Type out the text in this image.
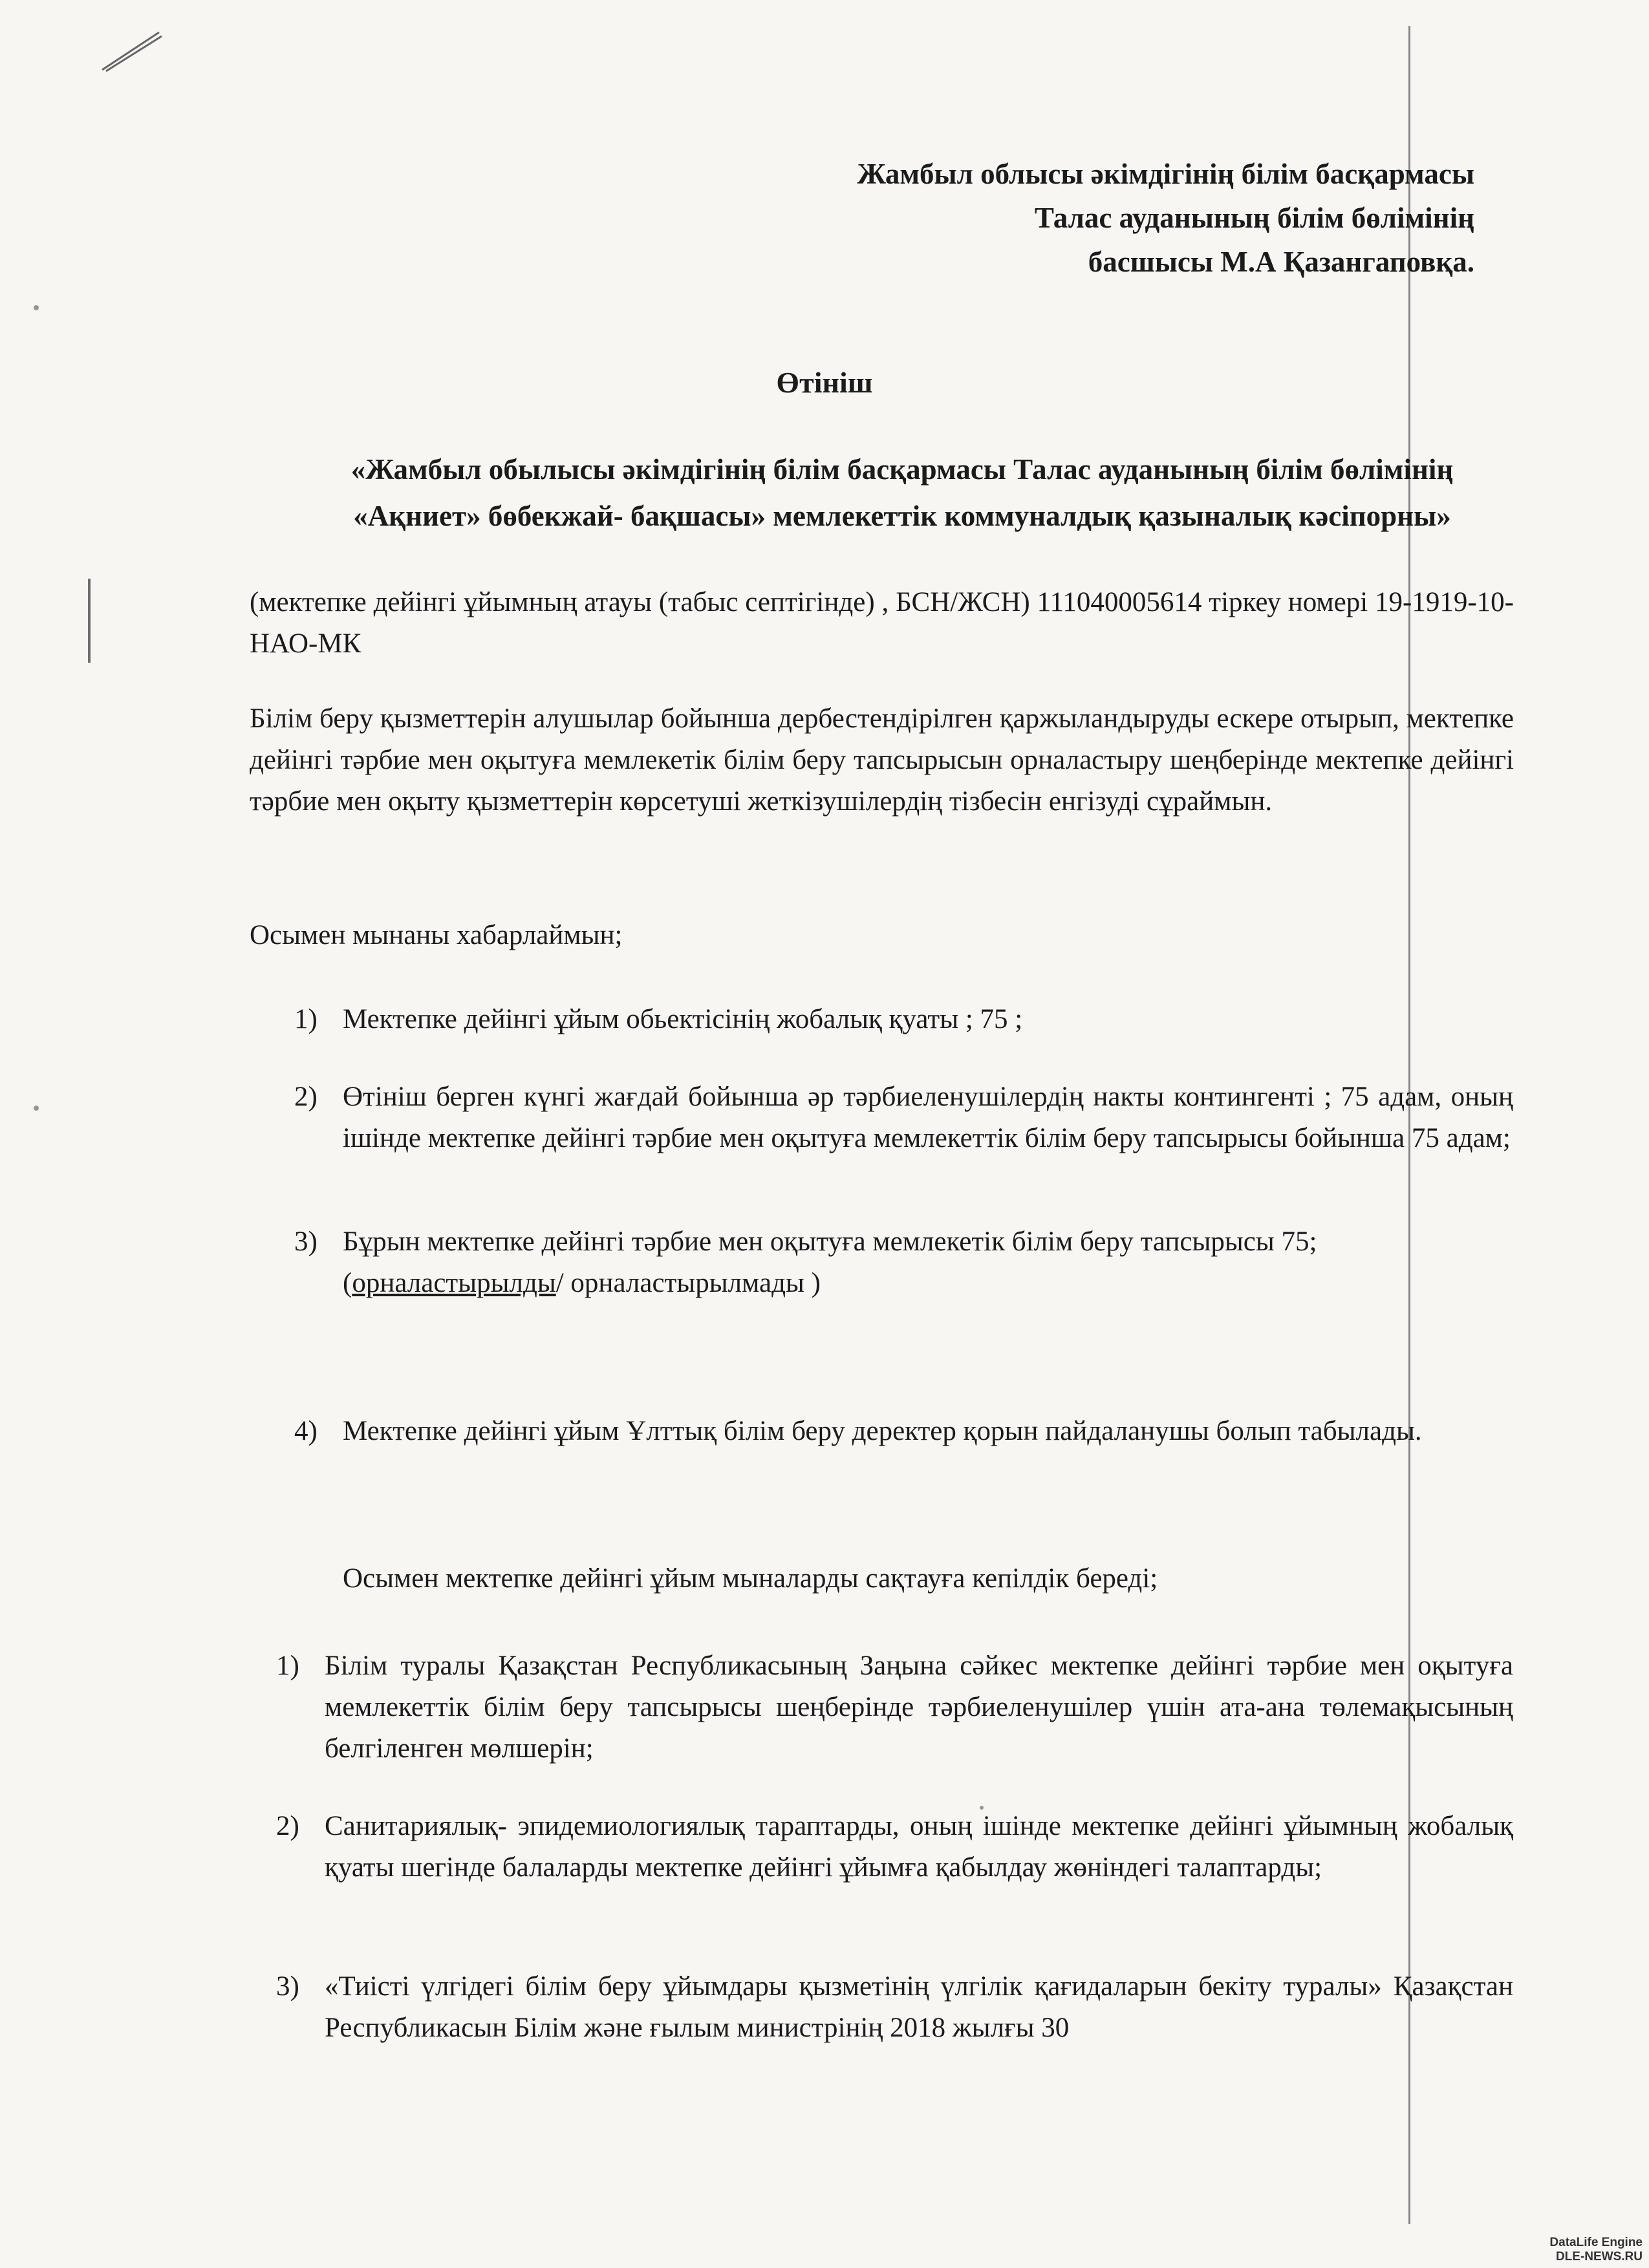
Жамбыл облысы әкімдігінің білім басқармасы
Талас ауданының білім бөлімінің
басшысы М.А Қазангаповқа.
Өтініш
«Жамбыл обылысы әкімдігінің білім басқармасы Талас ауданының білім бөлімінің
«Ақниет» бөбекжай- бақшасы» мемлекеттік коммуналдық қазыналық кәсіпорны»
(мектепке дейінгі ұйымның атауы (табыс септігінде) , БСН/ЖСН) 111040005614 тіркеу номері 19-1919-10-НАО-МК
Білім беру қызметтерін алушылар бойынша дербестендірілген қаржыландыруды ескере отырып, мектепке дейінгі тәрбие мен оқытуға мемлекетік білім беру тапсырысын орналастыру шеңберінде мектепке дейінгі тәрбие мен оқыту қызметтерін көрсетуші жеткізушілердің тізбесін енгізуді сұраймын.
Осымен мынаны хабарлаймын;
1) Мектепке дейінгі ұйым обьектісінің жобалық қуаты ; 75 ;
2) Өтініш берген күнгі жағдай бойынша әр тәрбиеленушілердің накты контингенті ; 75 адам, оның ішінде мектепке дейінгі тәрбие мен оқытуға мемлекеттік білім беру тапсырысы бойынша 75 адам;
3) Бұрын мектепке дейінгі тәрбие мен оқытуға мемлекетік білім беру тапсырысы 75;
(орналастырылды/ орналастырылмады )
4) Мектепке дейінгі ұйым Ұлттық білім беру деректер қорын пайдаланушы болып табылады.
Осымен мектепке дейінгі ұйым мыналарды сақтауға кепілдік береді;
1) Білім туралы Қазақстан Республикасының Заңына сәйкес мектепке дейінгі тәрбие мен оқытуға мемлекеттік білім беру тапсырысы шеңберінде тәрбиеленушілер үшін ата-ана төлемақысының белгіленген мөлшерін;
2) Санитариялық- эпидемиологиялық тараптарды, оның ішінде мектепке дейінгі ұйымның жобалық қуаты шегінде балаларды мектепке дейінгі ұйымға қабылдау жөніндегі талаптарды;
3) «Тиісті үлгідегі білім беру ұйымдары қызметінің үлгілік қағидаларын бекіту туралы» Қазақстан Республикасын Білім және ғылым министрінің 2018 жылғы 30
DataLife Engine
DLE-NEWS.RU
